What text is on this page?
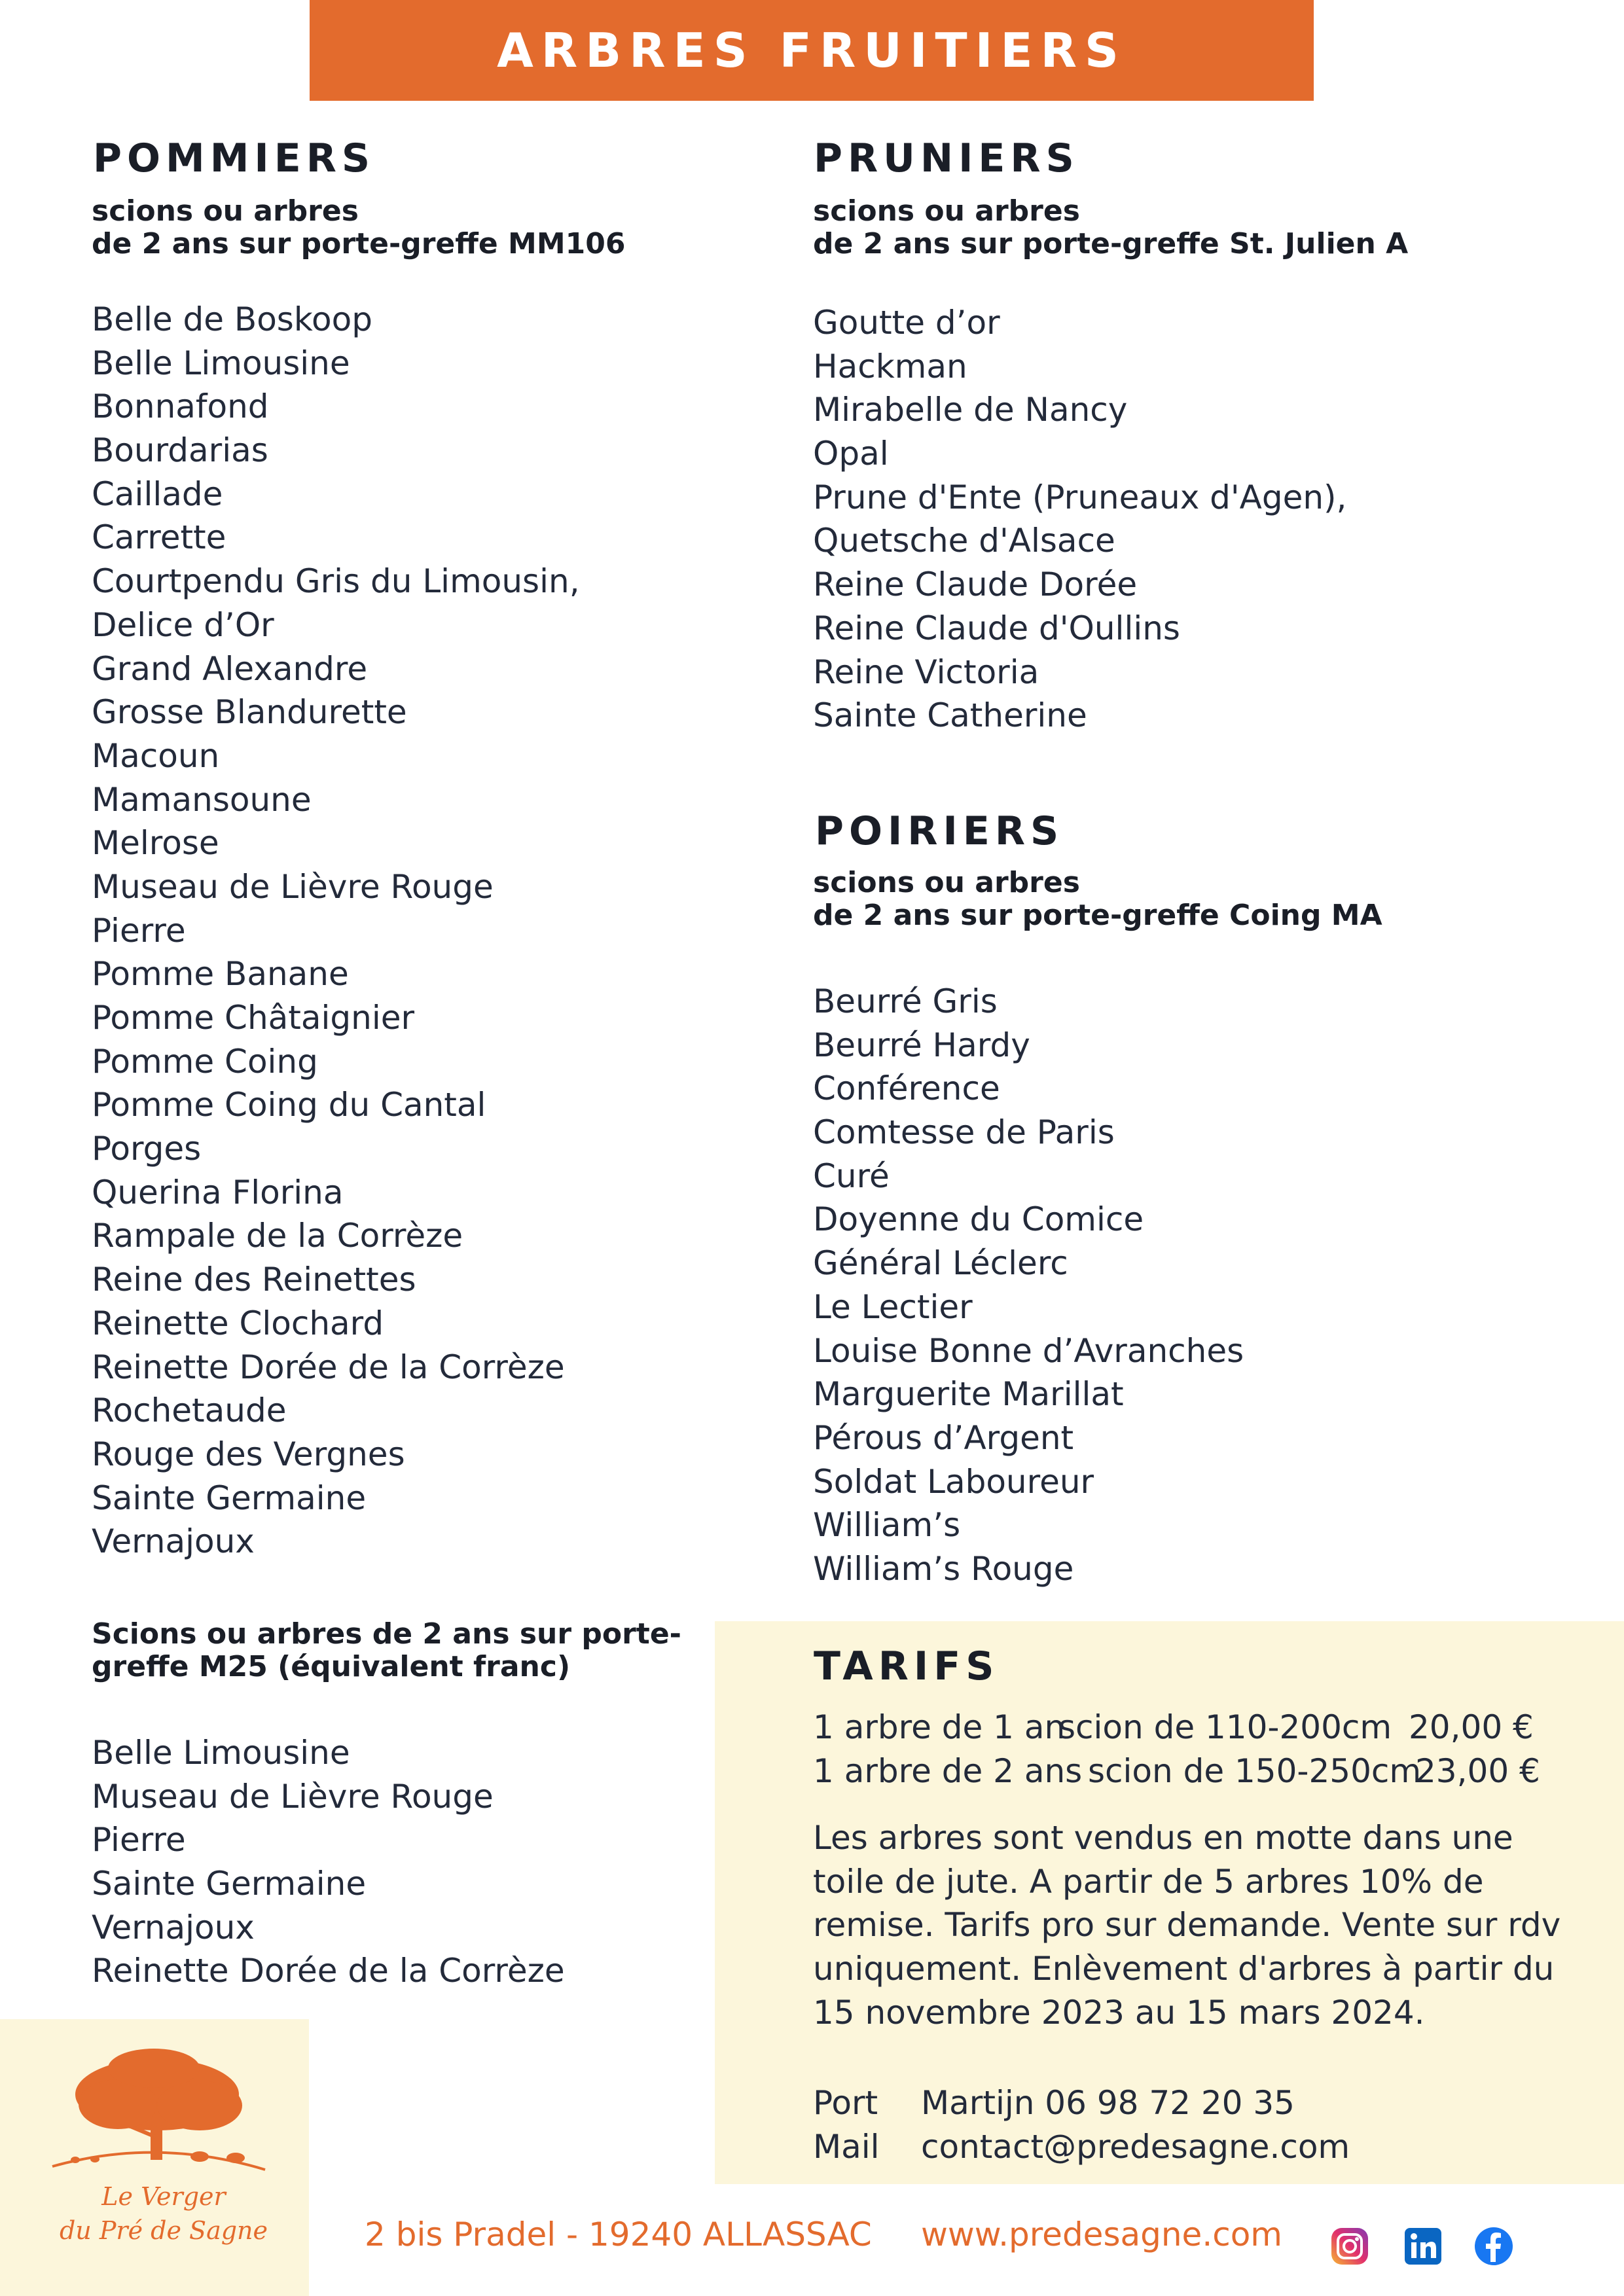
ARBRES FRUITIERS
POMMIERS
scions ou arbres
de 2 ans sur porte-greffe MM106
Belle de Boskoop
Belle Limousine
Bonnafond
Bourdarias
Caillade
Carrette
Courtpendu Gris du Limousin,
Delice d’Or
Grand Alexandre
Grosse Blandurette
Macoun
Mamansoune
Melrose
Museau de Lièvre Rouge
Pierre
Pomme Banane
Pomme Châtaignier
Pomme Coing
Pomme Coing du Cantal
Porges
Querina Florina
Rampale de la Corrèze
Reine des Reinettes
Reinette Clochard
Reinette Dorée de la Corrèze
Rochetaude
Rouge des Vergnes
Sainte Germaine
Vernajoux
Scions ou arbres de 2 ans sur porte-
greffe M25 (équivalent franc)
Belle Limousine
Museau de Lièvre Rouge
Pierre
Sainte Germaine
Vernajoux
Reinette Dorée de la Corrèze
PRUNIERS
scions ou arbres
de 2 ans sur porte-greffe St. Julien A
Goutte d’or
Hackman
Mirabelle de Nancy
Opal
Prune d'Ente (Pruneaux d'Agen),
Quetsche d'Alsace
Reine Claude Dorée
Reine Claude d'Oullins
Reine Victoria
Sainte Catherine
POIRIERS
scions ou arbres
de 2 ans sur porte-greffe Coing MA
Beurré Gris
Beurré Hardy
Conférence
Comtesse de Paris
Curé
Doyenne du Comice
Général Léclerc
Le Lectier
Louise Bonne d’Avranches
Marguerite Marillat
Pérous d’Argent
Soldat Laboureur
William’s
William’s Rouge
TARIFS
1 arbre de 1 an
scion de 110-200cm 20,00 €
1 arbre de 2 ans scion de 150-250cm
23,00 €
Les arbres sont vendus en motte dans une
toile de jute. A partir de 5 arbres 10% de
remise. Tarifs pro sur demande. Vente sur rdv
uniquement. Enlèvement d'arbres à partir du
15 novembre 2023 au 15 mars 2024.
Port Martijn 06 98 72 20 35
Mail contact@predesagne.com
Le Verger
du Pré de Sagne	2 bis Pradel - 19240 ALLASSAC www.predesagne.com
